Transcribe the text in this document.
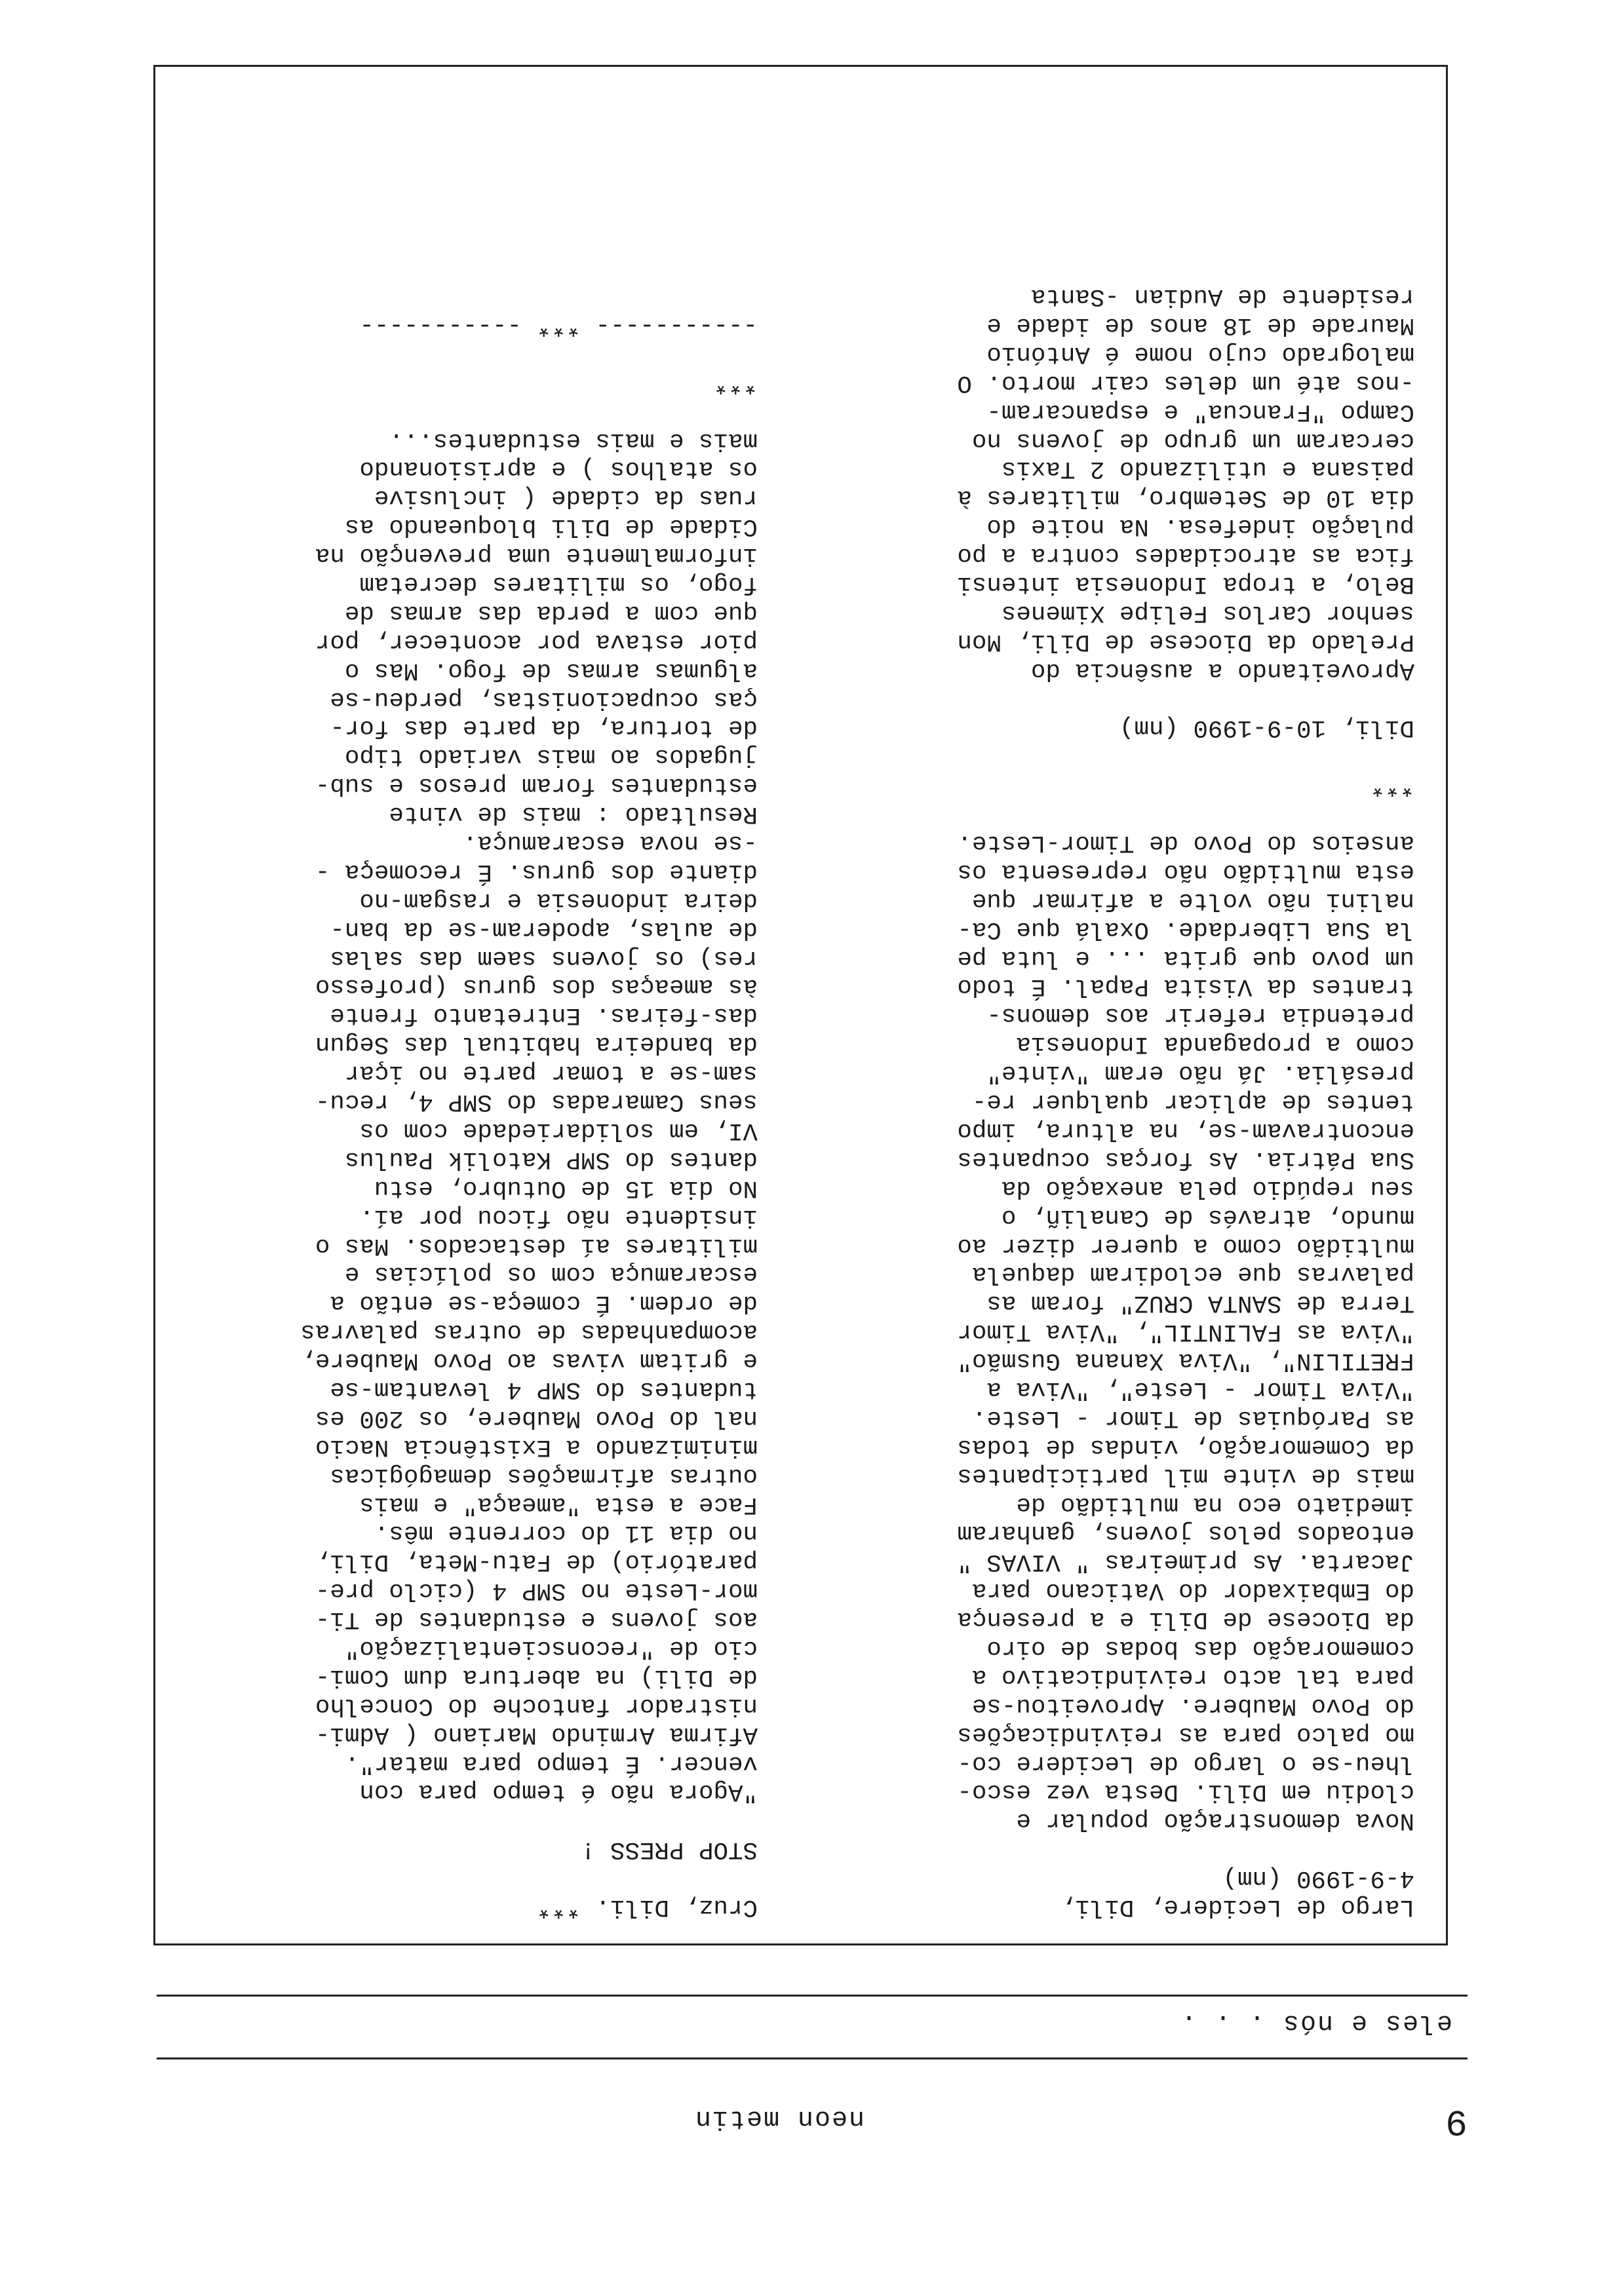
9
neon metin
eles e nós . . .
Largo de Lecidere, Dili,
4-9-1990 (nm)
Nova demonstração popular e
clodiu em Dili. Desta vez esco-
lheu-se o largo de Lecidere co-
mo palco para as reivindicações
do Povo Maubere. Aproveitou-se
para tal acto reivindicativo a
comemoração das bodas de oiro
da Diocese de Dili e a presença
do Embaixador do Vaticano para
Jacarta. As primeiras " VIVAS "
entoados pelos jovens, ganharam
imediato eco na multidão de
mais de vinte mil participantes
da Comemoração, vindas de todas
as Paróquias de Timor - Leste.
"Viva Timor - Leste", "Viva a
FRETILIN", "Viva Xanana Gusmão"
"Viva as FALINTIL", "Viva Timor
Terra de SANTA CRUZ" foram as
palavras que eclodiram daquela
multidão como a querer dizer ao
mundo, através de Canaliñ, o
seu repúdio pela anexação da
Sua Pátria. As forças ocupantes
encontravam-se, na altura, impo
tentes de aplicar qualquer re-
presália. Já não eram "vinte"
como a propaganda Indonesia
pretendia referir aos demons-
trantes da Visita Papal. É todo
um povo que grita ... e luta pe
la Sua Liberdade. Oxalá que Ca-
nalini não volte a afirmar que
esta multidão não representa os
anseios do Povo de Timor-Leste.
***
Dili, 10-9-1990 (nm)
Aproveitando a ausência do
Prelado da Diocese de Dili, Mon
senhor Carlos Felipe Ximenes
Belo, a tropa Indonesia intensi
fica as atrocidades contra a po
pulação indefesa. Na noite do
dia 10 de Setembro, militares à
paisana e utilizando 2 Taxis
cercaram um grupo de jovens no
Campo "Francua" e espancaram-
-nos até um deles cair morto. O
malogrado cujo nome é António
Maurade de 18 anos de idade e
residente de Audian -Santa
Cruz, Dili. ***
STOP PRESS !
"Agora não é tempo para con
vencer. É tempo para matar".
Afirma Armindo Mariano ( Admi-
nistrador fantoche do Concelho
de Dili) na abertura dum Comi-
cio de "reconscientalização"
aos jovens e estudantes de Ti-
mor-Leste no SMP 4 (ciclo pre-
paratório) de Fatu-Meta, Dili,
no dia 11 do corrente mês.
Face a esta "ameaça" e mais
outras afirmações demagógicas
minimizando a Existência Nacio
nal do Povo Maubere, os 200 es
tudantes do SMP 4 levantam-se
e gritam vivas ao Povo Maubere,
acompanhadas de outras palavras
de ordem. É começa-se então a
escaramuça com os polícias e
militares aí destacados. Mas o
insidente não ficou por aí.
No dia 15 de Outubro, estu
dantes do SMP Katolik Paulus
VI, em solidariedade com os
seus Camaradas do SMP 4, recu-
sam-se a tomar parte no içar
da bandeira habitual das Segun
das-feiras. Entretanto frente
às ameaças dos gurus (professo
res) os jovens saem das salas
de aulas, apoderam-se da ban-
deira indonesia e rasgam-no
diante dos gurus. É recomeça -
-se nova escaramuça.
Resultado : mais de vinte
estudantes foram presos e sub-
jugados ao mais variado tipo
de tortura, da parte das for-
ças ocupacionistas, perdeu-se
algumas armas de fogo. Mas o
pior estava por acontecer, por
que com a perda das armas de
fogo, os militares decretam
informalmente uma prevenção na
Cidade de Dili bloqueando as
ruas da cidade ( inclusive
os atalhos ) e aprisionando
mais e mais estudantes...
***
----------- *** -----------
